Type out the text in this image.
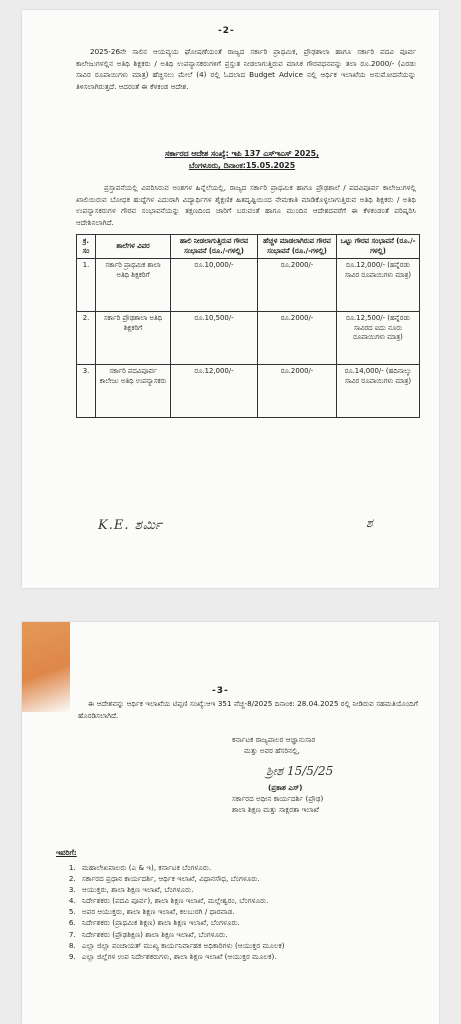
-2-

2025-26ನೇ ಸಾಲಿನ ಆಯವ್ಯಯ ಘೋಷಣೆಯಂತೆ ರಾಜ್ಯದ ಸರ್ಕಾರಿ ಪ್ರಾಥಮಿಕ, ಪ್ರೌಢಶಾಲಾ ಹಾಗೂ ಸರ್ಕಾರಿ ಪದವಿ ಪೂರ್ವ ಕಾಲೇಜುಗಳಲ್ಲಿನ ಅತಿಥಿ ಶಿಕ್ಷಕರು / ಅತಿಥಿ ಉಪನ್ಯಾಸಕರುಗಳಿಗೆ ಪ್ರಸ್ತುತ ನೀಡಲಾಗುತ್ತಿರುವ ಮಾಸಿಕ ಗೌರವಧನವನ್ನು ತಲಾ ರೂ.2000/- (ಎರಡು ಸಾವಿರ ರೂಪಾಯಿಗಳು ಮಾತ್ರ) ಹೆಚ್ಚಿಸಲು ಮೇಲೆ (4) ರಲ್ಲಿ ಓದಲಾದ Budget Advice ನಲ್ಲಿ ಆರ್ಥಿಕ ಇಲಾಖೆಯ ಅನುಮೋದನೆಯನ್ನು ತಿಳಿಸಲಾಗಿರುತ್ತದೆ. ಆದರಂತೆ ಈ ಕೆಳಕಂಡ ಆದೇಶ.

ಸರ್ಕಾರದ ಆದೇಶ ಸಂಖ್ಯೆ: ಇಪಿ 137 ಎಸ್‌ಇಎಸ್ 2025,
ಬೆಂಗಳೂರು, ದಿನಾಂಕ:15.05.2025

ಪ್ರಸ್ತಾವನೆಯಲ್ಲಿ ವಿವರಿಸಿರುವ ಅಂಶಗಳ ಹಿನ್ನೆಲೆಯಲ್ಲಿ, ರಾಜ್ಯದ ಸರ್ಕಾರಿ ಪ್ರಾಥಮಿಕ ಹಾಗೂ ಪ್ರೌಢಶಾಲೆ / ಪದವಿಪೂರ್ವ ಕಾಲೇಜುಗಳಲ್ಲಿ ಖಾಲಿಯಿರುವ ಬೋಧಕ ಹುದ್ದೆಗಳ ಎದುರಾಗಿ ವಿದ್ಯಾರ್ಥಿಗಳ ಶೈಕ್ಷಣಿಕ ಹಿತದೃಷ್ಟಿಯಿಂದ ನೇಮಕಾತಿ ಮಾಡಿಕೊಳ್ಳಲಾಗುತ್ತಿರುವ ಅತಿಥಿ ಶಿಕ್ಷಕರು / ಅತಿಥಿ ಉಪನ್ಯಾಸಕರುಗಳ ಗೌರವ ಸಂಭಾವನೆಯನ್ನು ತಕ್ಷಣದಿಂದ ಜಾರಿಗೆ ಬರುವಂತೆ ಹಾಗೂ ಮುಂದಿನ ಆದೇಶದವರೆಗೆ ಈ ಕೆಳಕಂಡಂತೆ ಪರಿಷ್ಕರಿಸಿ ಆದೇಶಿಸಲಾಗಿದೆ.

ಕ್ರ. ಸಂ	ಶಾಲೆಗಳ ವಿವರ	ಹಾಲಿ ನೀಡಲಾಗುತ್ತಿರುವ ಗೌರವ ಸಂಭಾವನೆ (ರೂ./-ಗಳಲ್ಲಿ)	ಹೆಚ್ಚಳ ಮಾಡಲಾಗಿರುವ ಗೌರವ ಸಂಭಾವನೆ (ರೂ./-ಗಳಲ್ಲಿ)	ಒಟ್ಟು ಗೌರವ ಸಂಭಾವನೆ (ರೂ./-ಗಳಲ್ಲಿ)
1.	ಸರ್ಕಾರಿ ಪ್ರಾಥಮಿಕ ಶಾಲಾ ಅತಿಥಿ ಶಿಕ್ಷಕರಿಗೆ	ರೂ.10,000/-	ರೂ.2000/-	ರೂ.12,000/- (ಹನ್ನೆರಡು ಸಾವಿರ ರೂಪಾಯಿಗಳು ಮಾತ್ರ)
2.	ಸರ್ಕಾರಿ ಪ್ರೌಢಶಾಲಾ ಅತಿಥಿ ಶಿಕ್ಷಕರಿಗೆ	ರೂ.10,500/-	ರೂ.2000/-	ರೂ.12,500/- (ಹನ್ನೆರಡು ಸಾವಿರದ ಐದು ನೂರು ರೂಪಾಯಿಗಳು ಮಾತ್ರ)
3.	ಸರ್ಕಾರಿ ಪದವಿಪೂರ್ವ ಕಾಲೇಜು ಅತಿಥಿ ಉಪನ್ಯಾಸಕರು	ರೂ.12,000/-	ರೂ.2000/-	ರೂ.14,000/- (ಹದಿನಾಲ್ಕು ಸಾವಿರ ರೂಪಾಯಿಗಳು ಮಾತ್ರ)
K.E. ಶರ್ಮಿ	ಶ
-3-

ಈ ಆದೇಶವನ್ನು ಆರ್ಥಿಕ ಇಲಾಖೆಯ ಟಿಪ್ಪಣಿ ಸಂಖ್ಯೆ:ಆಇ 351 ವೆಚ್ಚ-8/2025 ದಿನಾಂಕ: 28.04.2025 ರಲ್ಲಿ ನೀಡಿರುವ ಸಹಮತಿಯೊಂದಿಗೆ ಹೊರಡಿಸಲಾಗಿದೆ.

ಕರ್ನಾಟಕ ರಾಜ್ಯಪಾಲರ ಆಜ್ಞಾನುಸಾರ
ಮತ್ತು ಅವರ ಹೆಸರಿನಲ್ಲಿ,
ಶ್ರೀಶ 15/5/25
(ಪ್ರಕಾಶ ಎಸ್)
ಸರ್ಕಾರದ ಅಧೀನ ಕಾರ್ಯದರ್ಶಿ (ಪ್ರೌಢ)
ಶಾಲಾ ಶಿಕ್ಷಣ ಮತ್ತು ಸಾಕ್ಷರತಾ ಇಲಾಖೆ
ಇವರಿಗೆ:
1. ಮಹಾಲೇಖಪಾಲರು (ಎ & ಇ), ಕರ್ನಾಟಕ ಬೆಂಗಳೂರು.
2. ಸರ್ಕಾರದ ಪ್ರಧಾನ ಕಾರ್ಯದರ್ಶಿ, ಆರ್ಥಿಕ ಇಲಾಖೆ, ವಿಧಾನಸೌಧ, ಬೆಂಗಳೂರು.
3. ಆಯುಕ್ತರು, ಶಾಲಾ ಶಿಕ್ಷಣ ಇಲಾಖೆ, ಬೆಂಗಳೂರು.
4. ನಿರ್ದೇಶಕರು (ಪದವಿ ಪೂರ್ವ), ಶಾಲಾ ಶಿಕ್ಷಣ ಇಲಾಖೆ, ಮಲ್ಲೇಶ್ವರಂ, ಬೆಂಗಳೂರು.
5. ಅಪರ ಆಯುಕ್ತರು, ಶಾಲಾ ಶಿಕ್ಷಣ ಇಲಾಖೆ, ಕಲಬುರಗಿ / ಧಾರವಾಡ.
6. ನಿರ್ದೇಶಕರು (ಪ್ರಾಥಮಿಕ ಶಿಕ್ಷಣ) ಶಾಲಾ ಶಿಕ್ಷಣ ಇಲಾಖೆ, ಬೆಂಗಳೂರು.
7. ನಿರ್ದೇಶಕರು (ಪ್ರೌಢಶಿಕ್ಷಣ) ಶಾಲಾ ಶಿಕ್ಷಣ ಇಲಾಖೆ, ಬೆಂಗಳೂರು.
8. ಎಲ್ಲಾ ಜಿಲ್ಲಾ ಪಂಚಾಯತ್ ಮುಖ್ಯ ಕಾರ್ಯನಿರ್ವಾಹಕ ಅಧಿಕಾರಿಗಳು (ಆಯುಕ್ತರ ಮೂಲಕ)
9. ಎಲ್ಲಾ ಜಿಲ್ಲೆಗಳ ಉಪ ನಿರ್ದೇಶಕರುಗಳು, ಶಾಲಾ ಶಿಕ್ಷಣ ಇಲಾಖೆ (ಆಯುಕ್ತರ ಮೂಲಕ).
